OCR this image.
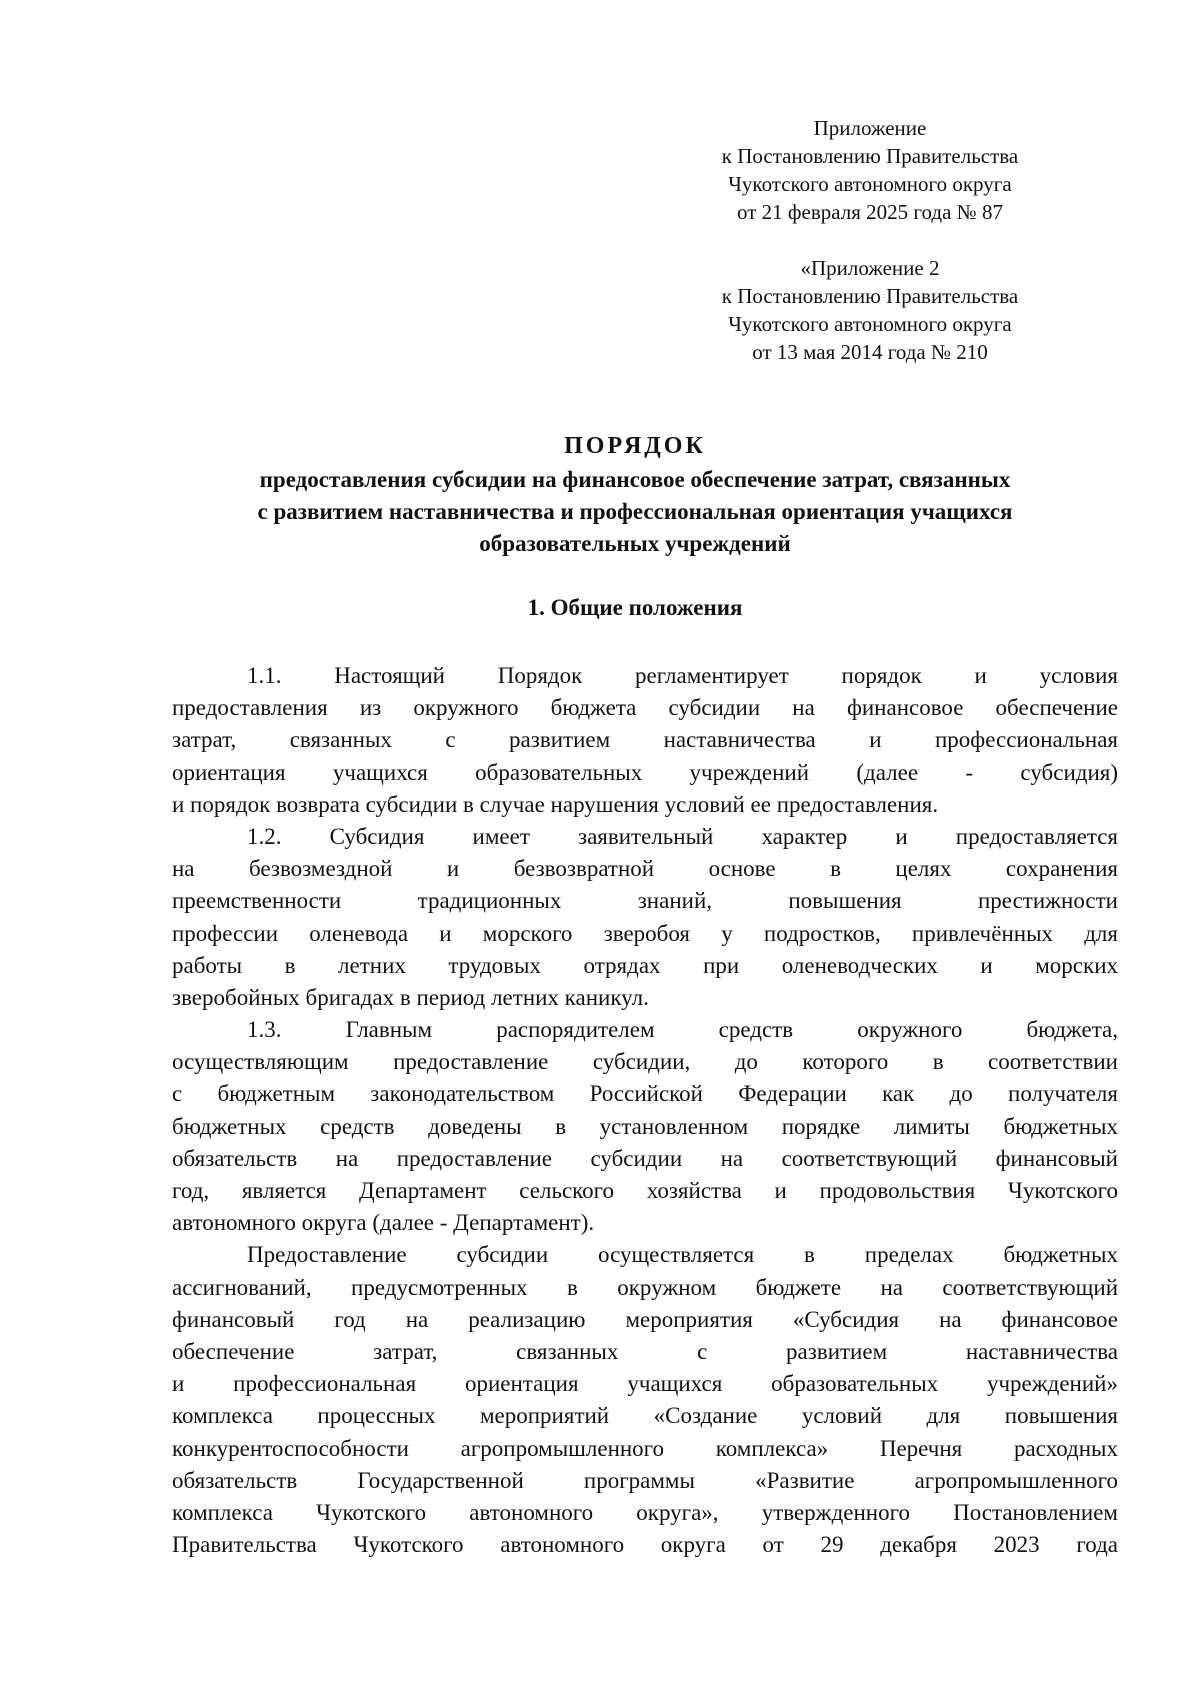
Приложение
к Постановлению Правительства
Чукотского автономного округа
от 21 февраля 2025 года № 87
«Приложение 2
к Постановлению Правительства
Чукотского автономного округа
от 13 мая 2014 года № 210
ПОРЯДОК
предоставления субсидии на финансовое обеспечение затрат, связанных
с развитием наставничества и профессиональная ориентация учащихся
образовательных учреждений
1. Общие положения
1.1. Настоящий Порядок регламентирует порядок и условия
предоставления из окружного бюджета субсидии на финансовое обеспечение
затрат, связанных с развитием наставничества и профессиональная
ориентация учащихся образовательных учреждений (далее - субсидия)
и порядок возврата субсидии в случае нарушения условий ее предоставления.
1.2. Субсидия имеет заявительный характер и предоставляется
на безвозмездной и безвозвратной основе в целях сохранения
преемственности традиционных знаний, повышения престижности
профессии оленевода и морского зверобоя у подростков, привлечённых для
работы в летних трудовых отрядах при оленеводческих и морских
зверобойных бригадах в период летних каникул.
1.3. Главным распорядителем средств окружного бюджета,
осуществляющим предоставление субсидии, до которого в соответствии
с бюджетным законодательством Российской Федерации как до получателя
бюджетных средств доведены в установленном порядке лимиты бюджетных
обязательств на предоставление субсидии на соответствующий финансовый
год, является Департамент сельского хозяйства и продовольствия Чукотского
автономного округа (далее - Департамент).
Предоставление субсидии осуществляется в пределах бюджетных
ассигнований, предусмотренных в окружном бюджете на соответствующий
финансовый год на реализацию мероприятия «Субсидия на финансовое
обеспечение затрат, связанных с развитием наставничества
и профессиональная ориентация учащихся образовательных учреждений»
комплекса процессных мероприятий «Создание условий для повышения
конкурентоспособности агропромышленного комплекса» Перечня расходных
обязательств Государственной программы «Развитие агропромышленного
комплекса Чукотского автономного округа», утвержденного Постановлением
Правительства Чукотского автономного округа от 29 декабря 2023 года
